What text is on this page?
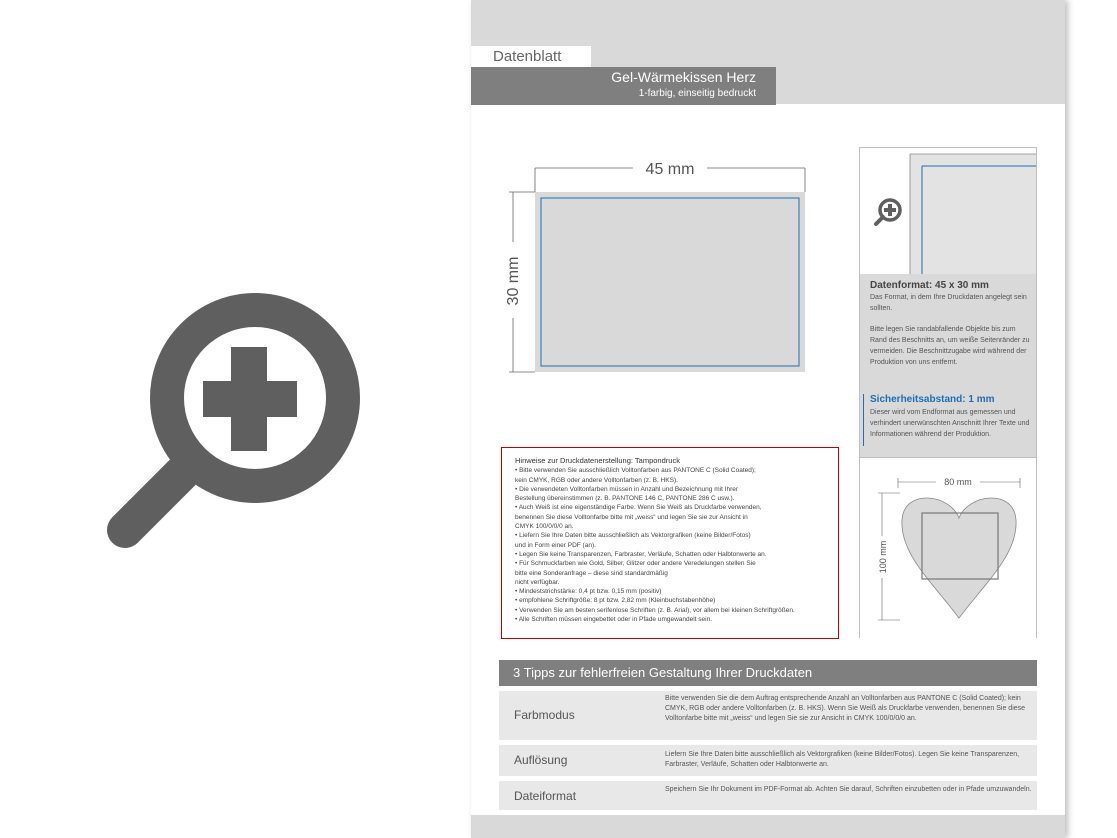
Datenblatt
Gel-Wärmekissen Herz
1-farbig, einseitig bedruckt
45 mm
30 mm
Hinweise zur Druckdatenerstellung: Tampondruck
• Bitte verwenden Sie ausschließlich Volltonfarben aus PANTONE C (Solid Coated);
kein CMYK, RGB oder andere Volltonfarben (z. B. HKS).
• Die verwendeten Volltonfarben müssen in Anzahl und Bezeichnung mit Ihrer
Bestellung übereinstimmen (z. B. PANTONE 146 C, PANTONE 286 C usw.).
• Auch Weiß ist eine eigenständige Farbe. Wenn Sie Weiß als Druckfarbe verwenden,
benennen Sie diese Volltonfarbe bitte mit „weiss“ und legen Sie sie zur Ansicht in
CMYK 100/0/0/0 an.
• Liefern Sie Ihre Daten bitte ausschließlich als Vektorgrafiken (keine Bilder/Fotos)
und in Form einer PDF (an).
• Legen Sie keine Transparenzen, Farbraster, Verläufe, Schatten oder Halbtonwerte an.
• Für Schmuckfarben wie Gold, Silber, Glitzer oder andere Veredelungen stellen Sie
bitte eine Sonderanfrage – diese sind standardmäßig
nicht verfügbar.
• Mindeststrichstärke: 0,4 pt bzw. 0,15 mm (positiv)
• empfohlene Schriftgröße: 8 pt bzw. 2,82 mm (Kleinbuchstabenhöhe)
• Verwenden Sie am besten serifenlose Schriften (z. B. Arial), vor allem bei kleinen Schriftgrößen.
• Alle Schriften müssen eingebettet oder in Pfade umgewandelt sein.
Datenformat: 45 x 30 mm
Das Format, in dem Ihre Druckdaten angelegt sein sollten.
Bitte legen Sie randabfallende Objekte bis zum Rand des Beschnitts an, um weiße Seitenränder zu vermeiden. Die Beschnittzugabe wird während der Produktion von uns entfernt.
Sicherheitsabstand: 1 mm
Dieser wird vom Endformat aus gemessen und verhindert unerwünschten Anschnitt Ihrer Texte und Informationen während der Produktion.
80 mm
100 mm
3 Tipps zur fehlerfreien Gestaltung Ihrer Druckdaten
Farbmodus
Bitte verwenden Sie die dem Auftrag entsprechende Anzahl an Volltonfarben aus PANTONE C (Solid Coated); kein CMYK, RGB oder andere Volltonfarben (z. B. HKS). Wenn Sie Weiß als Druckfarbe verwenden, benennen Sie diese Volltonfarbe bitte mit „weiss“ und legen Sie sie zur Ansicht in CMYK 100/0/0/0 an.
Auflösung	Liefern Sie Ihre Daten bitte ausschließlich als Vektorgrafiken (keine Bilder/Fotos). Legen Sie keine Transparenzen, Farbraster, Verläufe, Schatten oder Halbtonwerte an.
Dateiformat	Speichern Sie Ihr Dokument im PDF-Format ab. Achten Sie darauf, Schriften einzubetten oder in Pfade umzuwandeln.
